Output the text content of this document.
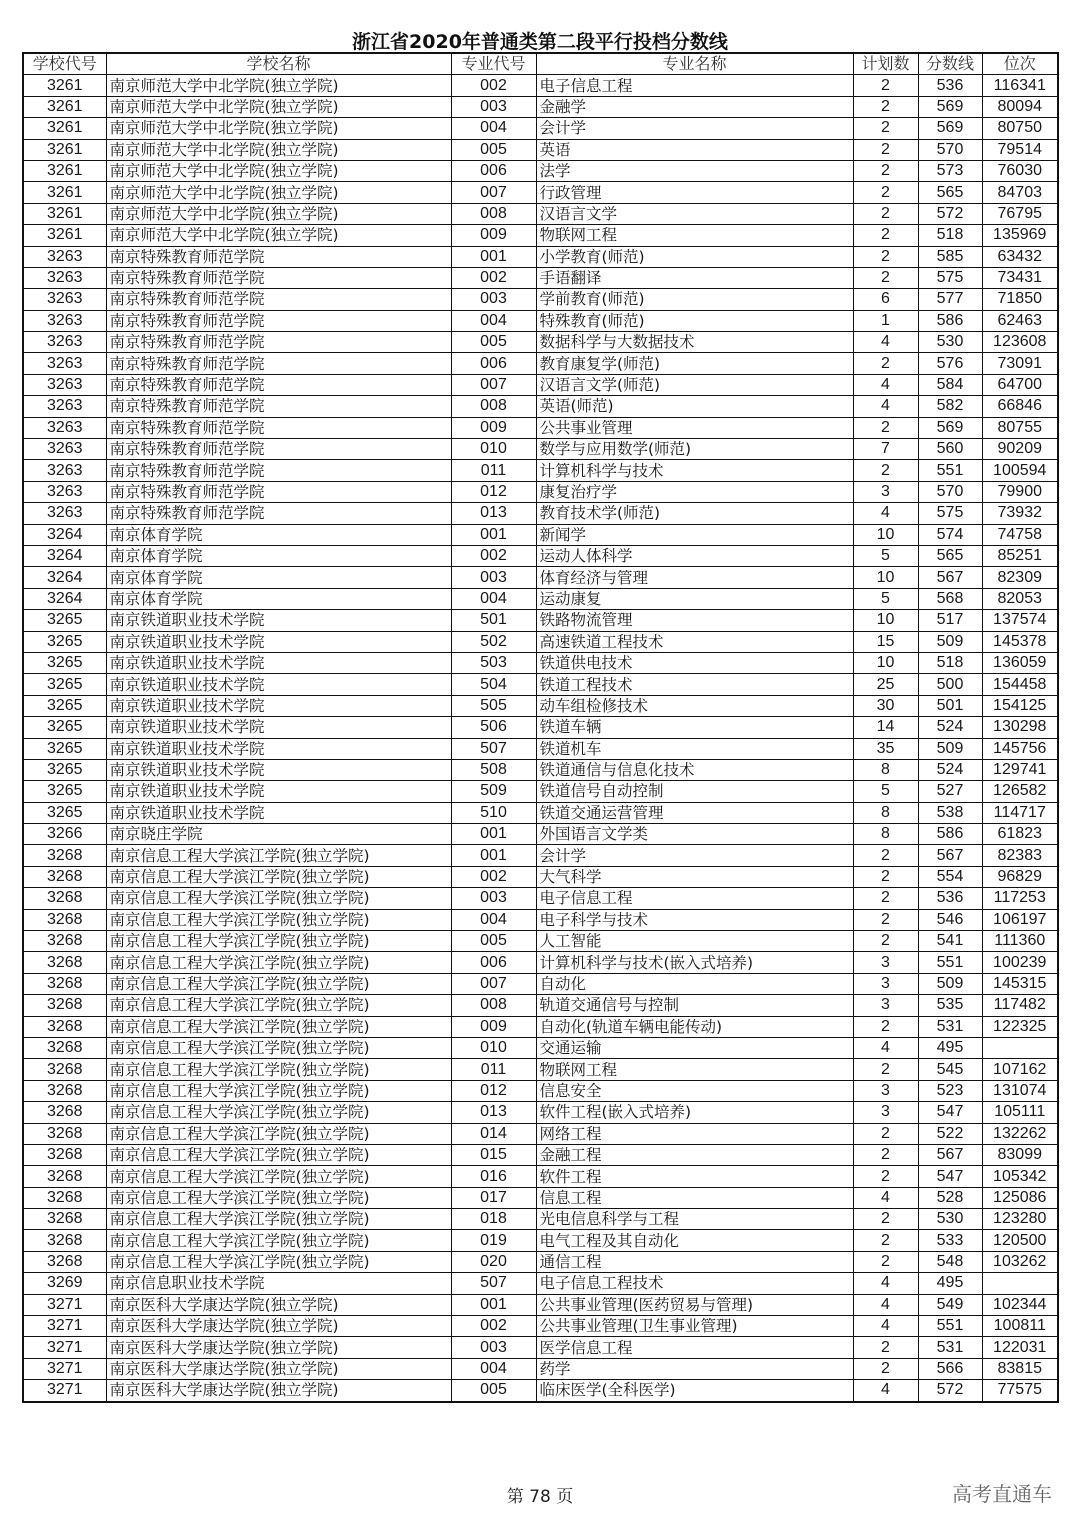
浙江省2020年普通类第二段平行投档分数线
学校代号	学校名称	专业代号	专业名称	计划数	分数线	位次
3261	南京师范大学中北学院(独立学院)	002	电子信息工程	2	536	116341
3261	南京师范大学中北学院(独立学院)	003	金融学	2	569	80094
3261	南京师范大学中北学院(独立学院)	004	会计学	2	569	80750
3261	南京师范大学中北学院(独立学院)	005	英语	2	570	79514
3261	南京师范大学中北学院(独立学院)	006	法学	2	573	76030
3261	南京师范大学中北学院(独立学院)	007	行政管理	2	565	84703
3261	南京师范大学中北学院(独立学院)	008	汉语言文学	2	572	76795
3261	南京师范大学中北学院(独立学院)	009	物联网工程	2	518	135969
3263	南京特殊教育师范学院	001	小学教育(师范)	2	585	63432
3263	南京特殊教育师范学院	002	手语翻译	2	575	73431
3263	南京特殊教育师范学院	003	学前教育(师范)	6	577	71850
3263	南京特殊教育师范学院	004	特殊教育(师范)	1	586	62463
3263	南京特殊教育师范学院	005	数据科学与大数据技术	4	530	123608
3263	南京特殊教育师范学院	006	教育康复学(师范)	2	576	73091
3263	南京特殊教育师范学院	007	汉语言文学(师范)	4	584	64700
3263	南京特殊教育师范学院	008	英语(师范)	4	582	66846
3263	南京特殊教育师范学院	009	公共事业管理	2	569	80755
3263	南京特殊教育师范学院	010	数学与应用数学(师范)	7	560	90209
3263	南京特殊教育师范学院	011	计算机科学与技术	2	551	100594
3263	南京特殊教育师范学院	012	康复治疗学	3	570	79900
3263	南京特殊教育师范学院	013	教育技术学(师范)	4	575	73932
3264	南京体育学院	001	新闻学	10	574	74758
3264	南京体育学院	002	运动人体科学	5	565	85251
3264	南京体育学院	003	体育经济与管理	10	567	82309
3264	南京体育学院	004	运动康复	5	568	82053
3265	南京铁道职业技术学院	501	铁路物流管理	10	517	137574
3265	南京铁道职业技术学院	502	高速铁道工程技术	15	509	145378
3265	南京铁道职业技术学院	503	铁道供电技术	10	518	136059
3265	南京铁道职业技术学院	504	铁道工程技术	25	500	154458
3265	南京铁道职业技术学院	505	动车组检修技术	30	501	154125
3265	南京铁道职业技术学院	506	铁道车辆	14	524	130298
3265	南京铁道职业技术学院	507	铁道机车	35	509	145756
3265	南京铁道职业技术学院	508	铁道通信与信息化技术	8	524	129741
3265	南京铁道职业技术学院	509	铁道信号自动控制	5	527	126582
3265	南京铁道职业技术学院	510	铁道交通运营管理	8	538	114717
3266	南京晓庄学院	001	外国语言文学类	8	586	61823
3268	南京信息工程大学滨江学院(独立学院)	001	会计学	2	567	82383
3268	南京信息工程大学滨江学院(独立学院)	002	大气科学	2	554	96829
3268	南京信息工程大学滨江学院(独立学院)	003	电子信息工程	2	536	117253
3268	南京信息工程大学滨江学院(独立学院)	004	电子科学与技术	2	546	106197
3268	南京信息工程大学滨江学院(独立学院)	005	人工智能	2	541	111360
3268	南京信息工程大学滨江学院(独立学院)	006	计算机科学与技术(嵌入式培养)	3	551	100239
3268	南京信息工程大学滨江学院(独立学院)	007	自动化	3	509	145315
3268	南京信息工程大学滨江学院(独立学院)	008	轨道交通信号与控制	3	535	117482
3268	南京信息工程大学滨江学院(独立学院)	009	自动化(轨道车辆电能传动)	2	531	122325
3268	南京信息工程大学滨江学院(独立学院)	010	交通运输	4	495	
3268	南京信息工程大学滨江学院(独立学院)	011	物联网工程	2	545	107162
3268	南京信息工程大学滨江学院(独立学院)	012	信息安全	3	523	131074
3268	南京信息工程大学滨江学院(独立学院)	013	软件工程(嵌入式培养)	3	547	105111
3268	南京信息工程大学滨江学院(独立学院)	014	网络工程	2	522	132262
3268	南京信息工程大学滨江学院(独立学院)	015	金融工程	2	567	83099
3268	南京信息工程大学滨江学院(独立学院)	016	软件工程	2	547	105342
3268	南京信息工程大学滨江学院(独立学院)	017	信息工程	4	528	125086
3268	南京信息工程大学滨江学院(独立学院)	018	光电信息科学与工程	2	530	123280
3268	南京信息工程大学滨江学院(独立学院)	019	电气工程及其自动化	2	533	120500
3268	南京信息工程大学滨江学院(独立学院)	020	通信工程	2	548	103262
3269	南京信息职业技术学院	507	电子信息工程技术	4	495	
3271	南京医科大学康达学院(独立学院)	001	公共事业管理(医药贸易与管理)	4	549	102344
3271	南京医科大学康达学院(独立学院)	002	公共事业管理(卫生事业管理)	4	551	100811
3271	南京医科大学康达学院(独立学院)	003	医学信息工程	2	531	122031
3271	南京医科大学康达学院(独立学院)	004	药学	2	566	83815
3271	南京医科大学康达学院(独立学院)	005	临床医学(全科医学)	4	572	77575
第 78 页	高考直通车
